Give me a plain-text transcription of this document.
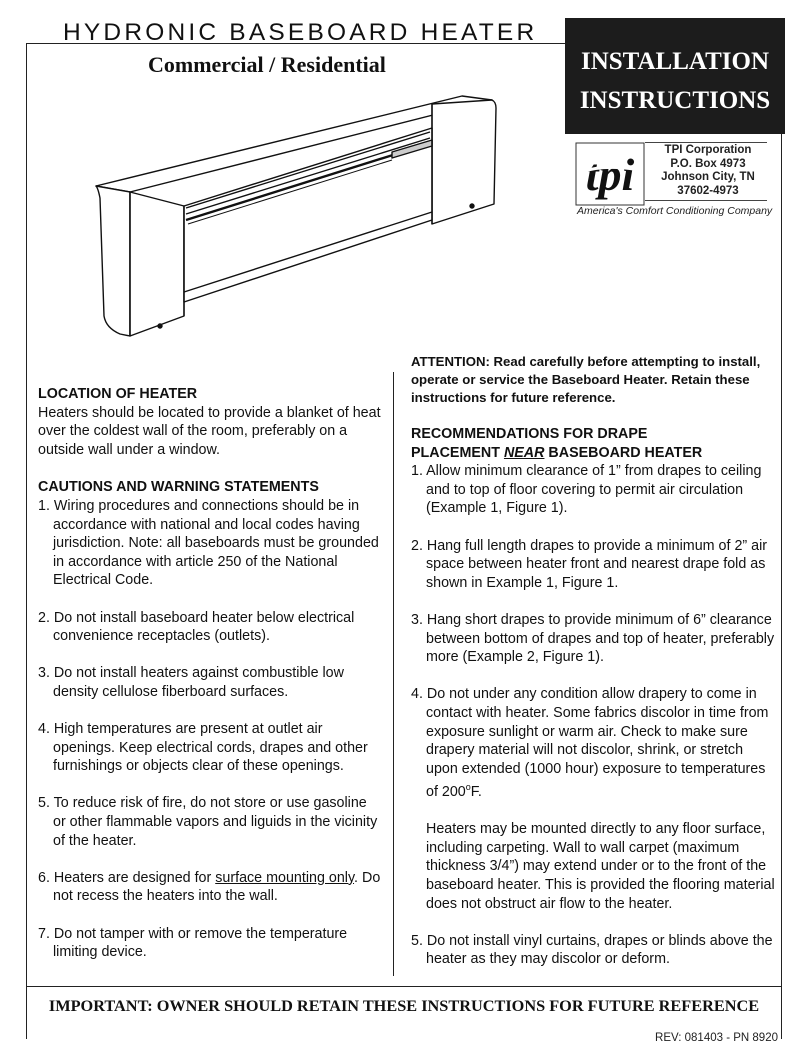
HYDRONIC BASEBOARD HEATER
Commercial / Residential	INSTALLATION
INSTRUCTIONS
tpi	TPI Corporation
P.O. Box 4973
Johnson City, TN
37602-4973
America's Comfort Conditioning Company
LOCATION OF HEATER

Heaters should be located to provide a blanket of heat over the coldest wall of the room, preferably on a outside wall under a window.

CAUTIONS AND WARNING STATEMENTS
1. Wiring procedures and connections should be in accordance with national and local codes having jurisdiction. Note: all baseboards must be grounded in accordance with article 250 of the National Electrical Code.
2. Do not install baseboard heater below electrical convenience receptacles (outlets).
3. Do not install heaters against combustible low density cellulose fiberboard surfaces.
4. High temperatures are present at outlet air openings. Keep electrical cords, drapes and other furnishings or objects clear of these openings.
5. To reduce risk of fire, do not store or use gasoline or other flammable vapors and liguids in the vicinity of the heater.
6. Heaters are designed for surface mounting only. Do not recess the heaters into the wall.
7. Do not tamper with or remove the temperature limiting device.

ATTENTION: Read carefully before attempting to install, operate or service the Baseboard Heater. Retain these instructions for future reference.

RECOMMENDATIONS FOR DRAPE
PLACEMENT NEAR BASEBOARD HEATER
1. Allow minimum clearance of 1” from drapes to ceiling and to top of floor covering to permit air circulation (Example 1, Figure 1).
2. Hang full length drapes to provide a minimum of 2” air space between heater front and nearest drape fold as shown in Example 1, Figure 1.
3. Hang short drapes to provide minimum of 6” clearance between bottom of drapes and top of heater, preferably more (Example 2, Figure 1).
4. Do not under any condition allow drapery to come in contact with heater. Some fabrics discolor in time from exposure sunlight or warm air. Check to make sure drapery material will not discolor, shrink, or stretch upon extended (1000 hour) exposure to temperatures of 200$^o$F.
Heaters may be mounted directly to any floor surface, including carpeting. Wall to wall carpet (maximum thickness 3/4”) may extend under or to the front of the baseboard heater. This is provided the flooring material does not obstruct air flow to the heater.
5. Do not install vinyl curtains, drapes or blinds above the heater as they may discolor or deform.
IMPORTANT: OWNER SHOULD RETAIN THESE INSTRUCTIONS FOR FUTURE REFERENCE
REV: 081403 - PN 8920
